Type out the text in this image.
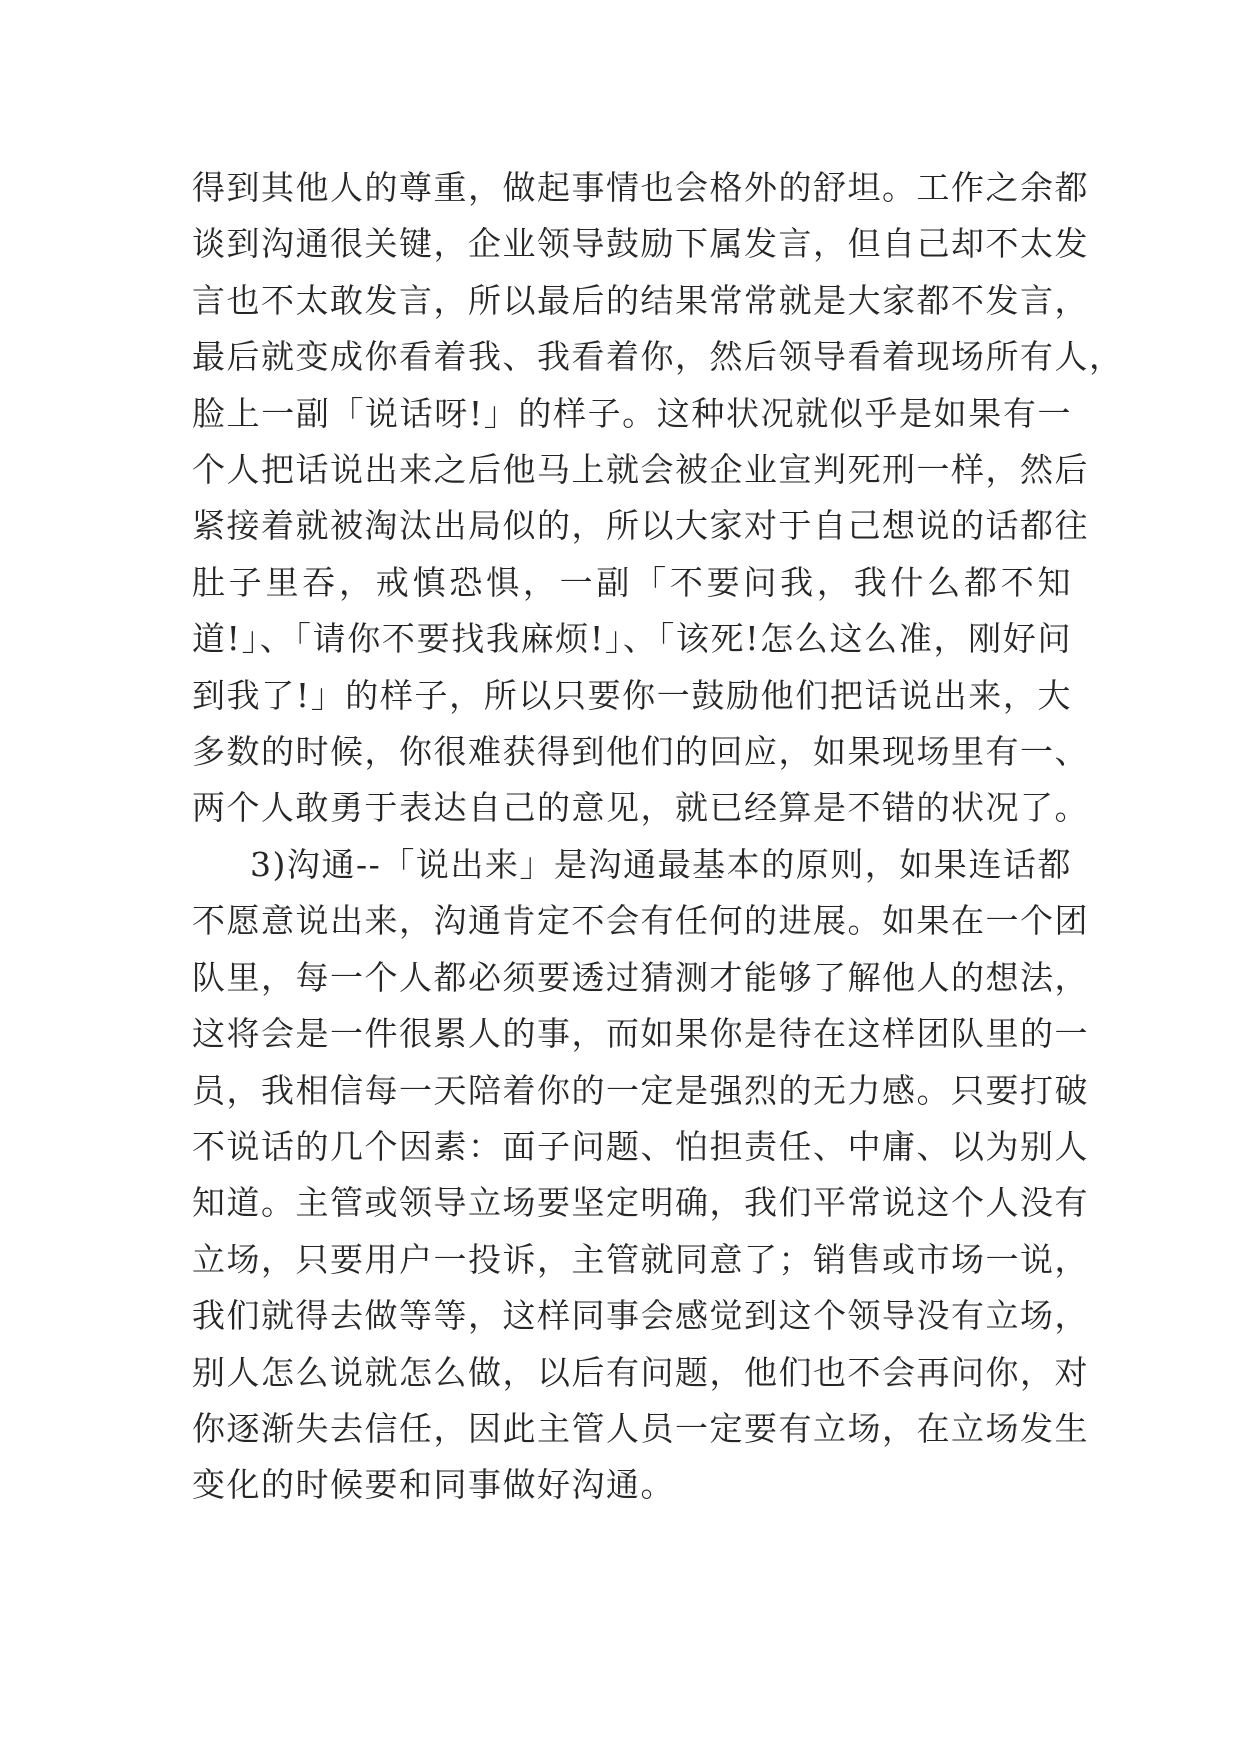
得到其他人的尊重，做起事情也会格外的舒坦。工作之余都
谈到沟通很关键，企业领导鼓励下属发言，但自己却不太发
言也不太敢发言，所以最后的结果常常就是大家都不发言，
最后就变成你看着我、我看着你，然后领导看着现场所有人，
脸上一副「说话呀!」的样子。这种状况就似乎是如果有一
个人把话说出来之后他马上就会被企业宣判死刑一样，然后
紧接着就被淘汰出局似的，所以大家对于自己想说的话都往
肚子里吞，戒慎恐惧，一副「不要问我，我什么都不知
道!」、「请你不要找我麻烦!」、「该死!怎么这么准，刚好问
到我了!」的样子，所以只要你一鼓励他们把话说出来，大
多数的时候，你很难获得到他们的回应，如果现场里有一、
两个人敢勇于表达自己的意见，就已经算是不错的状况了。
3)沟通--「说出来」是沟通最基本的原则，如果连话都
不愿意说出来，沟通肯定不会有任何的进展。如果在一个团
队里，每一个人都必须要透过猜测才能够了解他人的想法，
这将会是一件很累人的事，而如果你是待在这样团队里的一
员，我相信每一天陪着你的一定是强烈的无力感。只要打破
不说话的几个因素：面子问题、怕担责任、中庸、以为别人
知道。主管或领导立场要坚定明确，我们平常说这个人没有
立场，只要用户一投诉，主管就同意了；销售或市场一说，
我们就得去做等等，这样同事会感觉到这个领导没有立场，
别人怎么说就怎么做，以后有问题，他们也不会再问你，对
你逐渐失去信任，因此主管人员一定要有立场，在立场发生
变化的时候要和同事做好沟通。
